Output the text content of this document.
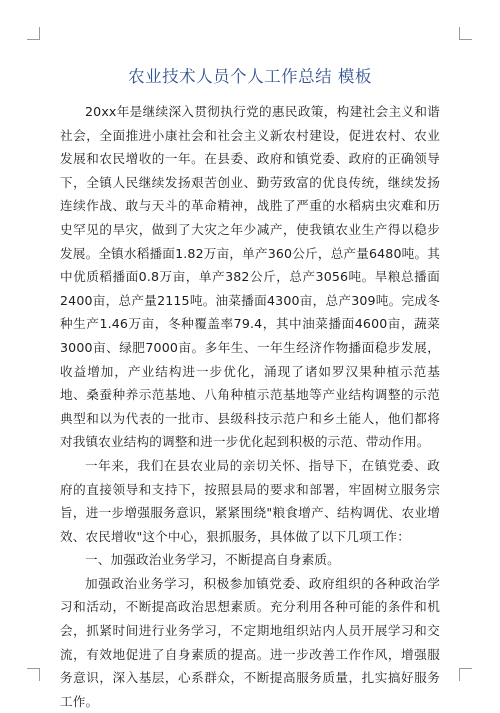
农业技术人员个人工作总结 模板

20xx年是继续深入贯彻执行党的惠民政策，构建社会主义和谐社会，全面推进小康社会和社会主义新农村建设，促进农村、农业发展和农民增收的一年。在县委、政府和镇党委、政府的正确领导下，全镇人民继续发扬艰苦创业、勤劳致富的优良传统，继续发扬连续作战、敢与天斗的革命精神，战胜了严重的水稻病虫灾难和历史罕见的旱灾，做到了大灾之年少减产，使我镇农业生产得以稳步发展。全镇水稻播面1.82万亩，单产360公斤，总产量6480吨。其中优质稻播面0.8万亩，单产382公斤，总产3056吨。旱粮总播面2400亩，总产量2115吨。油菜播面4300亩，总产309吨。完成冬种生产1.46万亩，冬种覆盖率79.4，其中油菜播面4600亩，蔬菜3000亩、绿肥7000亩。多年生、一年生经济作物播面稳步发展，收益增加，产业结构进一步优化，涌现了诸如罗汉果种植示范基地、桑蚕种养示范基地、八角种植示范基地等产业结构调整的示范典型和以为代表的一批市、县级科技示范户和乡土能人，他们都将对我镇农业结构的调整和进一步优化起到积极的示范、带动作用。

一年来，我们在县农业局的亲切关怀、指导下，在镇党委、政府的直接领导和支持下，按照县局的要求和部署，牢固树立服务宗旨，进一步增强服务意识，紧紧围绕"粮食增产、结构调优、农业增效、农民增收"这个中心，狠抓服务，具体做了以下几项工作：

一、加强政治业务学习，不断提高自身素质。

加强政治业务学习，积极参加镇党委、政府组织的各种政治学习和活动，不断提高政治思想素质。充分利用各种可能的条件和机会，抓紧时间进行业务学习，不定期地组织站内人员开展学习和交流，有效地促进了自身素质的提高。进一步改善工作作风，增强服务意识，深入基层，心系群众，不断提高服务质量，扎实搞好服务工作。
